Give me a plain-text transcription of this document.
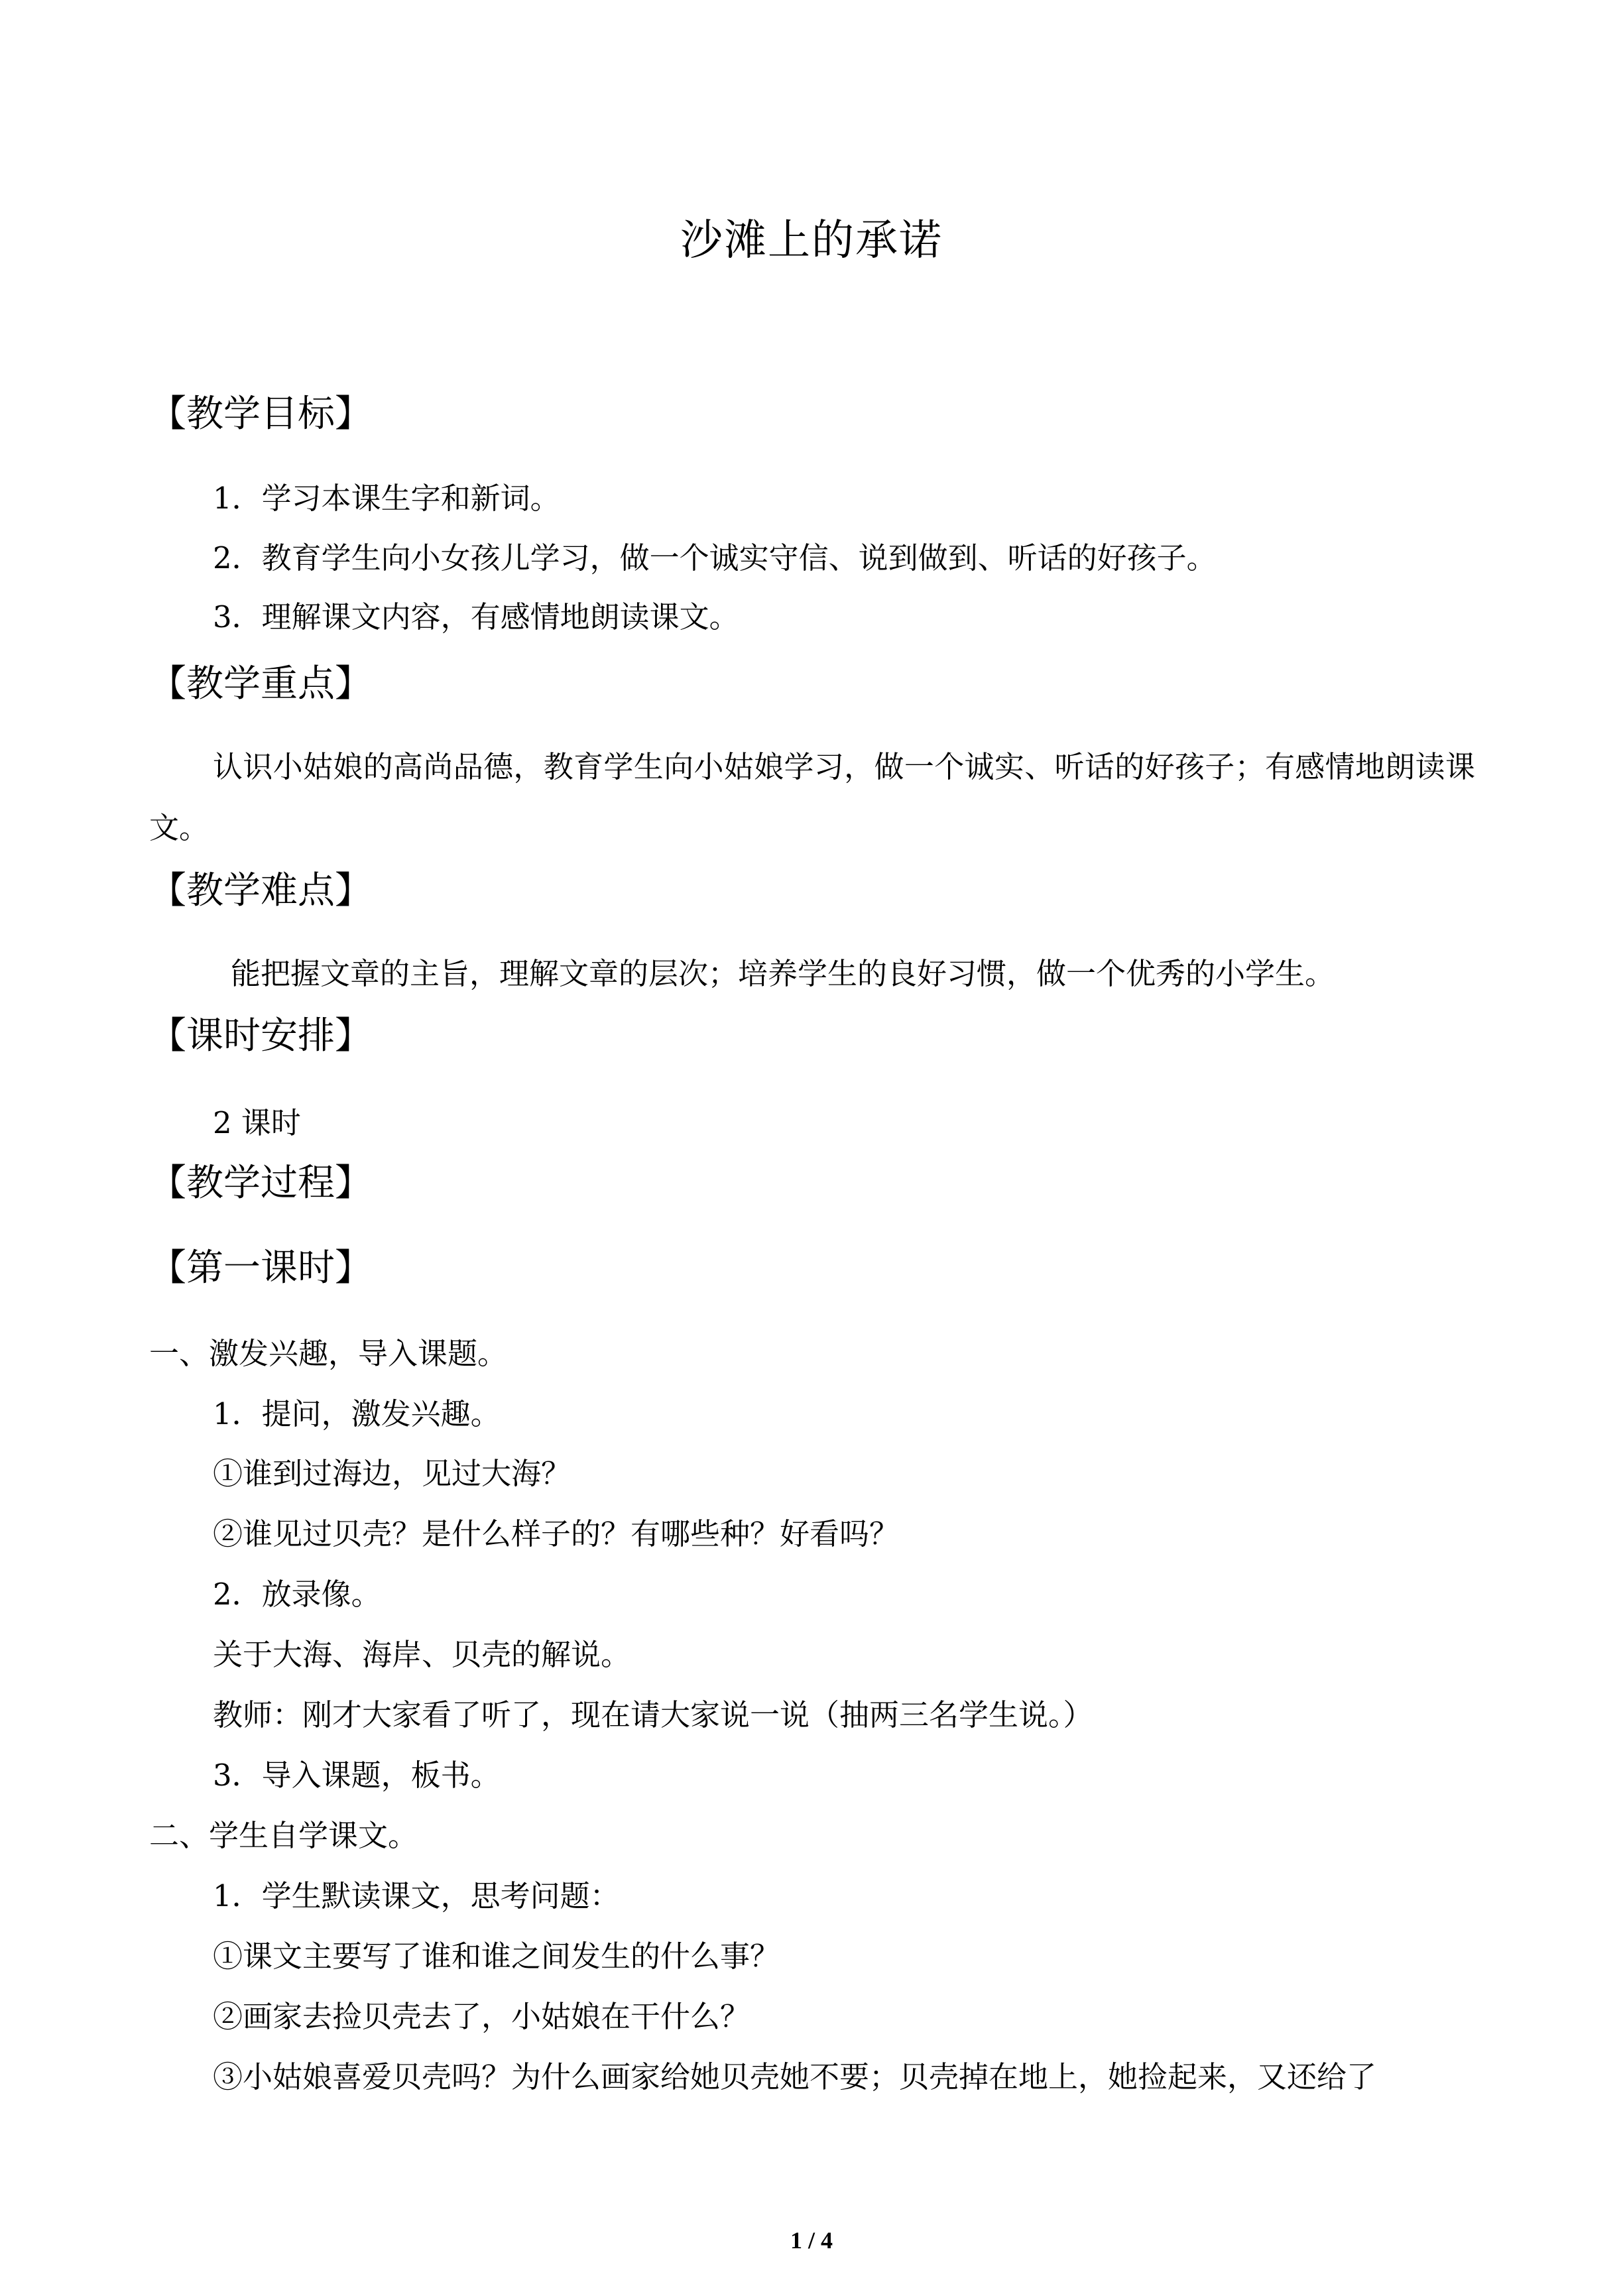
沙滩上的承诺
【教学目标】
1．学习本课生字和新词。
2．教育学生向小女孩儿学习，做一个诚实守信、说到做到、听话的好孩子。
3．理解课文内容，有感情地朗读课文。
【教学重点】
认识小姑娘的高尚品德，教育学生向小姑娘学习，做一个诚实、听话的好孩子；有感情地朗读课文。
【教学难点】
能把握文章的主旨，理解文章的层次；培养学生的良好习惯，做一个优秀的小学生。
【课时安排】
2 课时
【教学过程】
【第一课时】
一、激发兴趣，导入课题。
1．提问，激发兴趣。
①谁到过海边，见过大海？
②谁见过贝壳？是什么样子的？有哪些种？好看吗？
2．放录像。
关于大海、海岸、贝壳的解说。
教师：刚才大家看了听了，现在请大家说一说（抽两三名学生说。）
3．导入课题，板书。
二、学生自学课文。
1．学生默读课文，思考问题：
①课文主要写了谁和谁之间发生的什么事？
②画家去捡贝壳去了，小姑娘在干什么？
③小姑娘喜爱贝壳吗？为什么画家给她贝壳她不要；贝壳掉在地上，她捡起来，又还给了
1 / 4
